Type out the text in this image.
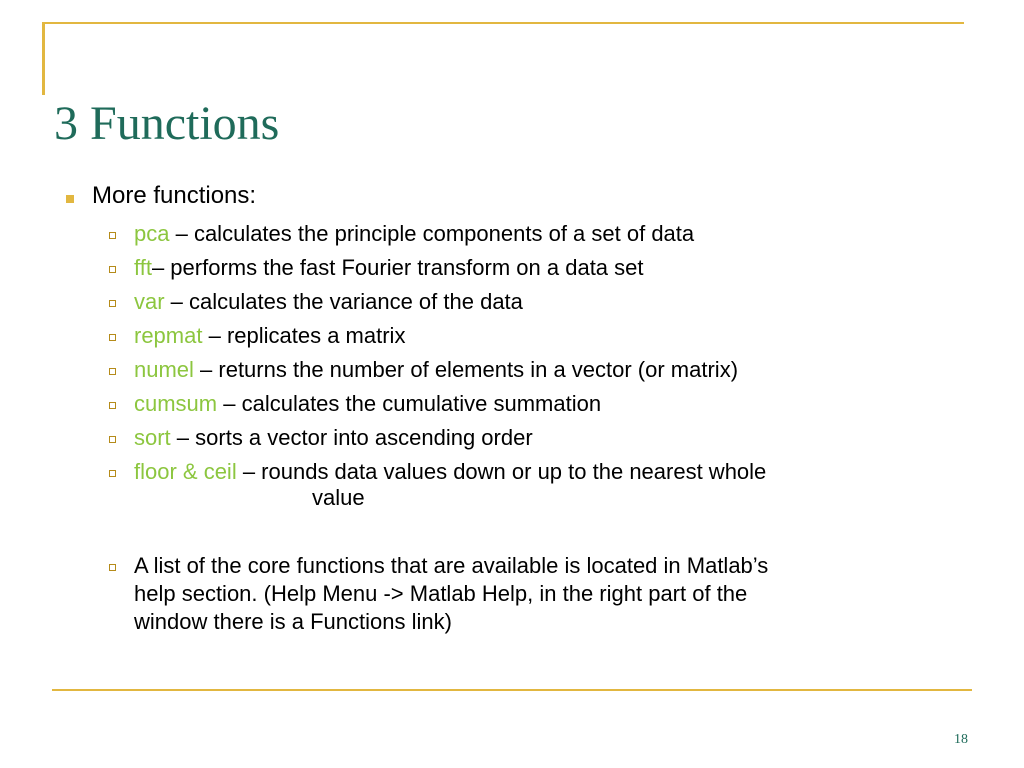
3 Functions
More functions:
pca – calculates the principle components of a set of data
fft– performs the fast Fourier transform on a data set
var – calculates the variance of the data
repmat – replicates a matrix
numel – returns the number of elements in a vector (or matrix)
cumsum – calculates the cumulative summation
sort – sorts a vector into ascending order
floor & ceil – rounds data values down or up to the nearest whole
value
A list of the core functions that are available is located in Matlab’s
help section. (Help Menu -> Matlab Help, in the right part of the
window there is a Functions link)
18
